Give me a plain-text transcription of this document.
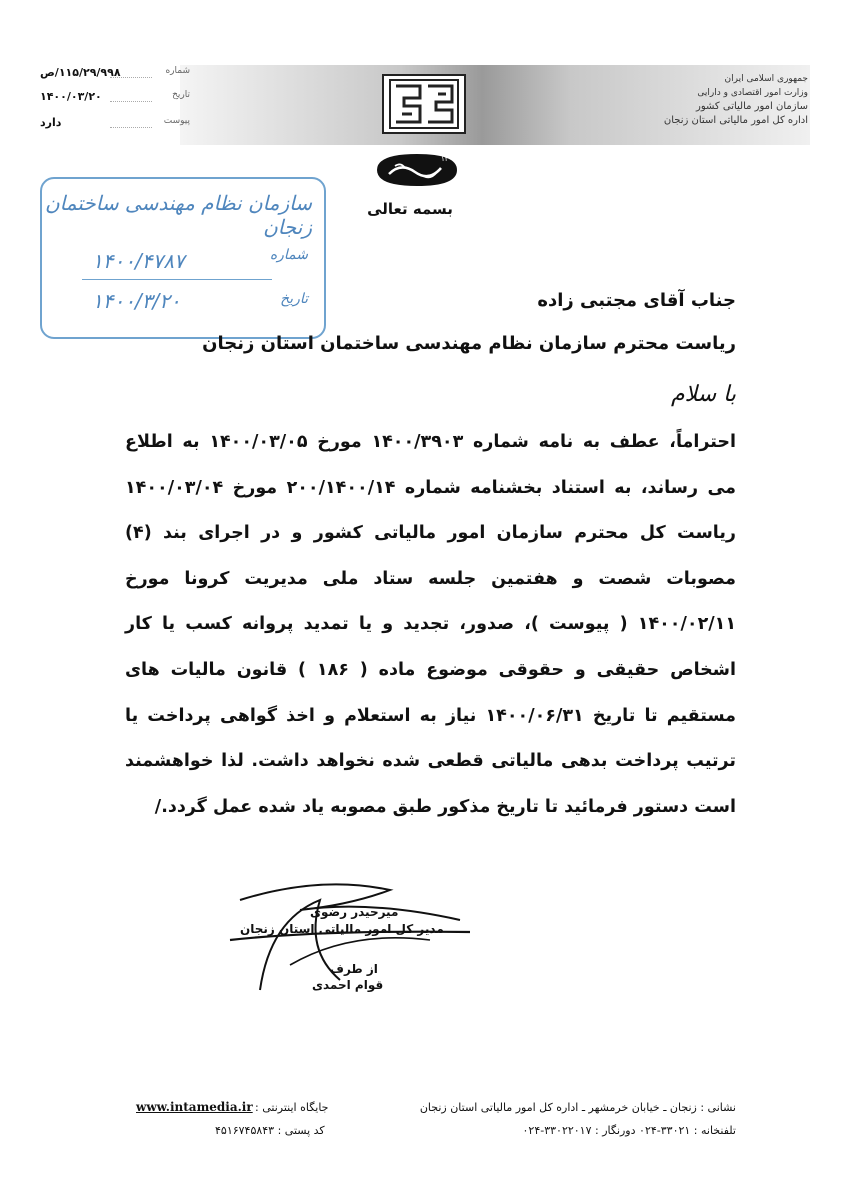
جمهوری اسلامی ایران
وزارت امور اقتصادی و دارایی
سازمان امور مالیاتی کشور
اداره کل امور مالیاتی استان زنجان
۱۱۵/۲۹/۹۹۸/ص	شماره
۱۴۰۰/۰۳/۲۰	تاریخ
دارد	پیوست
۱۴۰۰
بسمه تعالی
سازمان نظام مهندسی ساختمان زنجان
شماره
۱۴۰۰/۴۷۸۷
تاریخ
۱۴۰۰/۳/۲۰	جناب آقای مجتبی زاده
ریاست محترم سازمان نظام مهندسی ساختمان استان زنجان
با سلام
احتراماً، عطف به نامه شماره ۱۴۰۰/۳۹۰۳ مورخ ۱۴۰۰/۰۳/۰۵ به اطلاع می رساند، به استناد بخشنامه شماره ۲۰۰/۱۴۰۰/۱۴ مورخ ۱۴۰۰/۰۳/۰۴ ریاست کل محترم سازمان امور مالیاتی کشور و در اجرای بند (۴) مصوبات شصت و هفتمین جلسه ستاد ملی مدیریت کرونا مورخ ۱۴۰۰/۰۲/۱۱ ( پیوست )، صدور، تجدید و یا تمدید پروانه کسب یا کار اشخاص حقیقی و حقوقی موضوع ماده ( ۱۸۶ ) قانون مالیات های مستقیم تا تاریخ ۱۴۰۰/۰۶/۳۱ نیاز به استعلام و اخذ گواهی پرداخت یا ترتیب پرداخت بدهی مالیاتی قطعی شده نخواهد داشت. لذا خواهشمند است دستور فرمائید تا تاریخ مذکور طبق مصوبه یاد شده عمل گردد./
میرحیدر رضوی
مدیر کل امور مالیاتی استان زنجان
از طرف
قوام احمدی
www.intamedia.ir جایگاه اینترنتی :	نشانی : زنجان ـ خیابان خرمشهر ـ اداره کل امور مالیاتی استان زنجان
کد پستی : ۴۵۱۶۷۴۵۸۴۳	تلفنخانه : ۳۳۰۲۱-۰۲۴ دورنگار : ۳۳۰۲۲۰۱۷-۰۲۴
